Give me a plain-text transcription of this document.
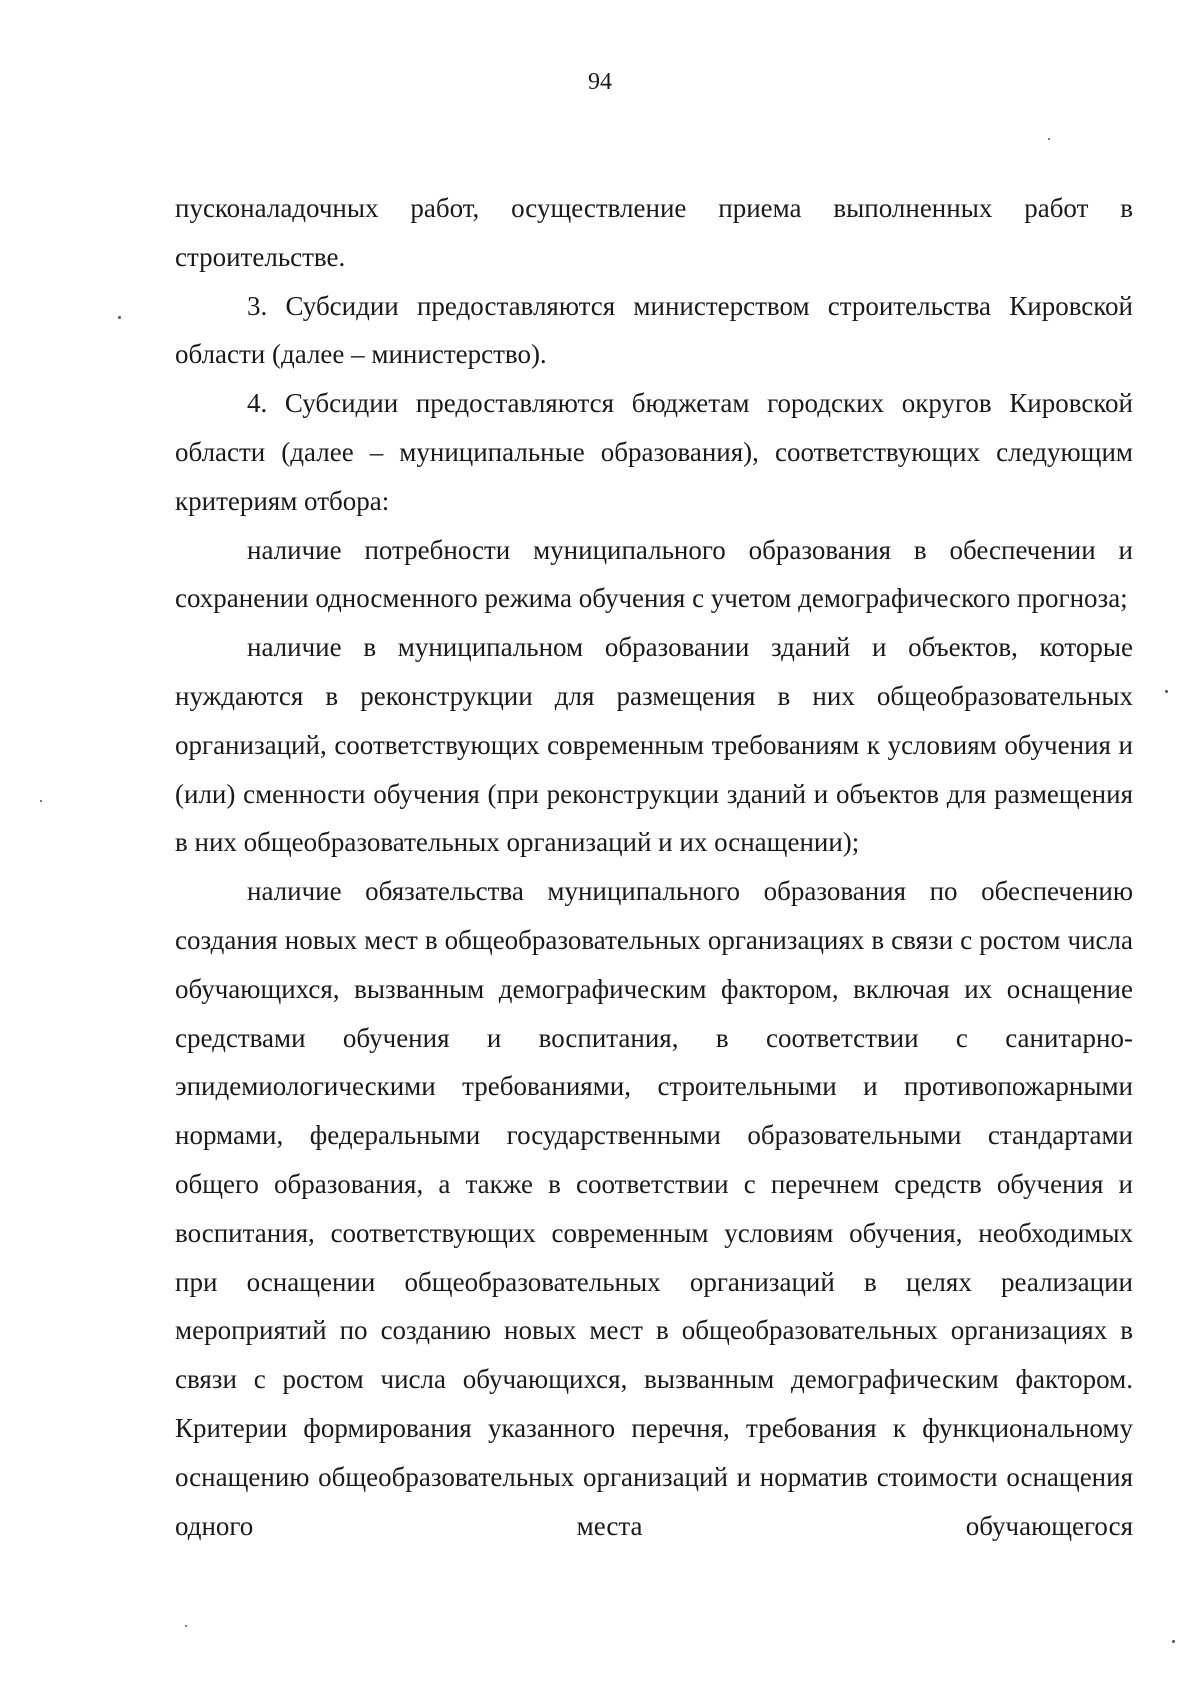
94

пусконаладочных работ, осуществление приема выполненных работ в строительстве.

3. Субсидии предоставляются министерством строительства Кировской области (далее – министерство).

4. Субсидии предоставляются бюджетам городских округов Кировской области (далее – муниципальные образования), соответствующих следующим критериям отбора:

наличие потребности муниципального образования в обеспечении и сохранении односменного режима обучения с учетом демографического прогноза;

наличие в муниципальном образовании зданий и объектов, которые нуждаются в реконструкции для размещения в них общеобразовательных организаций, соответствующих современным требованиям к условиям обучения и (или) сменности обучения (при реконструкции зданий и объектов для размещения в них общеобразовательных организаций и их оснащении);

наличие обязательства муниципального образования по обеспечению создания новых мест в общеобразовательных организациях в связи с ростом числа обучающихся, вызванным демографическим фактором, включая их оснащение средствами обучения и воспитания, в соответствии с санитарно-эпидемиологическими требованиями, строительными и противопожарными нормами, федеральными государственными образовательными стандартами общего образования, а также в соответствии с перечнем средств обучения и воспитания, соответствующих современным условиям обучения, необходимых при оснащении общеобразовательных организаций в целях реализации мероприятий по созданию новых мест в общеобразовательных организациях в связи с ростом числа обучающихся, вызванным демографическим фактором. Критерии формирования указанного перечня, требования к функциональному оснащению общеобразовательных организаций и норматив стоимости оснащения одного места обучающегося
